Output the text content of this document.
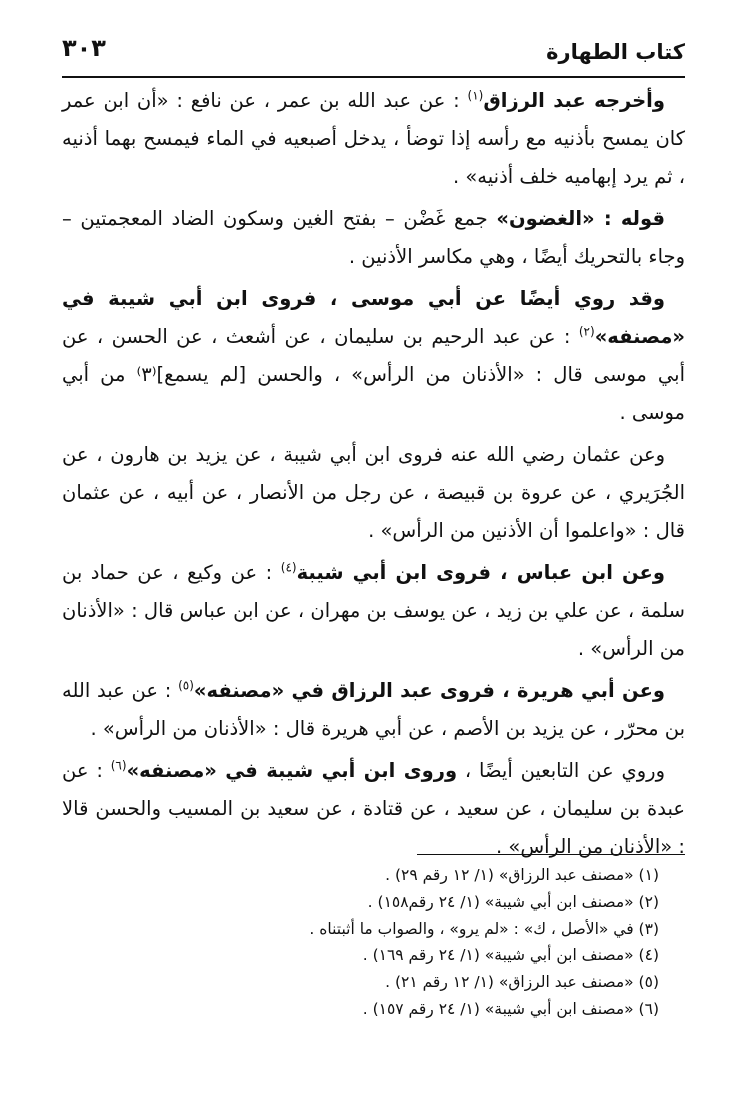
كتاب الطهارة
٣٠٣

وأخرجه عبد الرزاق$^{(١)}$ : عن عبد الله بن عمر ، عن نافع : «أن ابن عمر كان يمسح بأذنيه مع رأسه إذا توضأ ، يدخل أصبعيه في الماء فيمسح بهما أذنيه ، ثم يرد إبهاميه خلف أذنيه» .

قوله : «الغضون» جمع غَضْن – بفتح الغين وسكون الضاد المعجمتين – وجاء بالتحريك أيضًا ، وهي مكاسر الأذنين .

وقد روي أيضًا عن أبي موسى ، فروى ابن أبي شيبة في «مصنفه»$^{(٢)}$ : عن عبد الرحيم بن سليمان ، عن أشعث ، عن الحسن ، عن أبي موسى قال : «الأذنان من الرأس» ، والحسن [لم يسمع]⁽٣⁾ من أبي موسى .

وعن عثمان رضي الله عنه فروى ابن أبي شيبة ، عن يزيد بن هارون ، عن الجُرَيري ، عن عروة بن قبيصة ، عن رجل من الأنصار ، عن أبيه ، عن عثمان قال : «واعلموا أن الأذنين من الرأس» .

وعن ابن عباس ، فروى ابن أبي شيبة$^{(٤)}$ : عن وكيع ، عن حماد بن سلمة ، عن علي بن زيد ، عن يوسف بن مهران ، عن ابن عباس قال : «الأذنان من الرأس» .

وعن أبي هريرة ، فروى عبد الرزاق في «مصنفه»$^{(٥)}$ : عن عبد الله بن محرّر ، عن يزيد بن الأصم ، عن أبي هريرة قال : «الأذنان من الرأس» .

وروي عن التابعين أيضًا ، وروى ابن أبي شيبة في «مصنفه»$^{(٦)}$ : عن عبدة بن سليمان ، عن سعيد ، عن قتادة ، عن سعيد بن المسيب والحسن قالا : «الأذنان من الرأس» .

(١) «مصنف عبد الرزاق» (١/ ١٢ رقم ٢٩) .

(٢) «مصنف ابن أبي شيبة» (١/ ٢٤ رقم١٥٨) .

(٣) في «الأصل ، ك» : «لم يرو» ، والصواب ما أثبتناه .

(٤) «مصنف ابن أبي شيبة» (١/ ٢٤ رقم ١٦٩) .

(٥) «مصنف عبد الرزاق» (١/ ١٢ رقم ٢١) .

(٦) «مصنف ابن أبي شيبة» (١/ ٢٤ رقم ١٥٧) .
